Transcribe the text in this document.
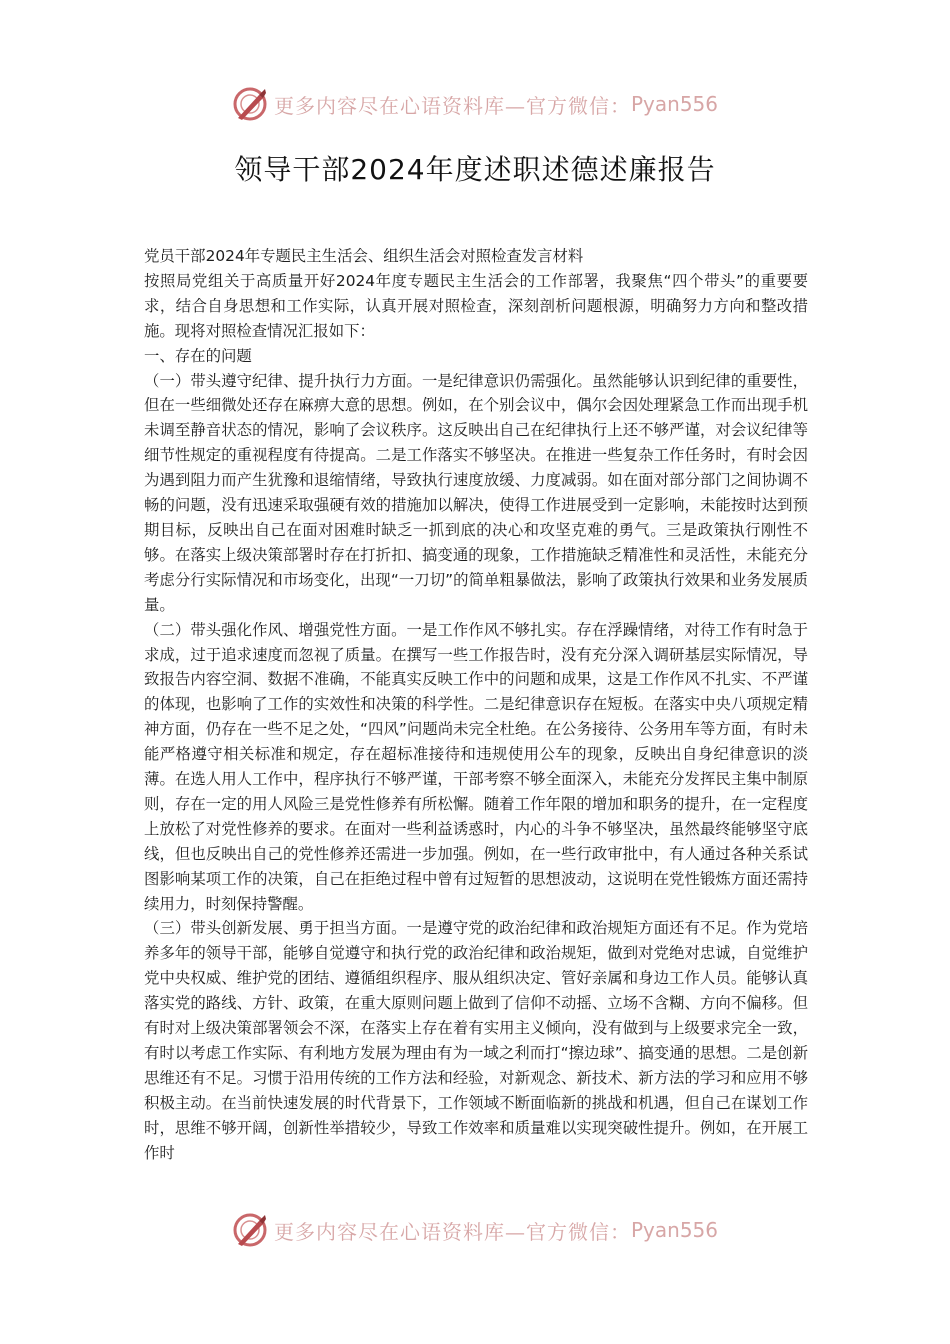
更多内容尽在心语资料库—官方微信： Pyan556
领导干部2024年度述职述德述廉报告

党员干部2024年专题民主生活会、组织生活会对照检查发言材料

按照局党组关于高质量开好2024年度专题民主生活会的工作部署，我聚焦“四个带头”的重要要求，结合自身思想和工作实际，认真开展对照检查，深刻剖析问题根源，明确努力方向和整改措施。现将对照检查情况汇报如下：

一、存在的问题

（一）带头遵守纪律、提升执行力方面。一是纪律意识仍需强化。虽然能够认识到纪律的重要性，但在一些细微处还存在麻痹大意的思想。例如，在个别会议中，偶尔会因处理紧急工作而出现手机未调至静音状态的情况，影响了会议秩序。这反映出自己在纪律执行上还不够严谨，对会议纪律等细节性规定的重视程度有待提高。二是工作落实不够坚决。在推进一些复杂工作任务时，有时会因为遇到阻力而产生犹豫和退缩情绪，导致执行速度放缓、力度减弱。如在面对部分部门之间协调不畅的问题，没有迅速采取强硬有效的措施加以解决，使得工作进展受到一定影响，未能按时达到预期目标，反映出自己在面对困难时缺乏一抓到底的决心和攻坚克难的勇气。三是政策执行刚性不够。在落实上级决策部署时存在打折扣、搞变通的现象，工作措施缺乏精准性和灵活性，未能充分考虑分行实际情况和市场变化，出现“一刀切”的简单粗暴做法，影响了政策执行效果和业务发展质量。

（二）带头强化作风、增强党性方面。一是工作作风不够扎实。存在浮躁情绪，对待工作有时急于求成，过于追求速度而忽视了质量。在撰写一些工作报告时，没有充分深入调研基层实际情况，导致报告内容空洞、数据不准确，不能真实反映工作中的问题和成果，这是工作作风不扎实、不严谨的体现，也影响了工作的实效性和决策的科学性。二是纪律意识存在短板。在落实中央八项规定精神方面，仍存在一些不足之处，“四风”问题尚未完全杜绝。在公务接待、公务用车等方面，有时未能严格遵守相关标准和规定，存在超标准接待和违规使用公车的现象，反映出自身纪律意识的淡薄。在选人用人工作中，程序执行不够严谨，干部考察不够全面深入，未能充分发挥民主集中制原则，存在一定的用人风险三是党性修养有所松懈。随着工作年限的增加和职务的提升，在一定程度上放松了对党性修养的要求。在面对一些利益诱惑时，内心的斗争不够坚决，虽然最终能够坚守底线，但也反映出自己的党性修养还需进一步加强。例如，在一些行政审批中，有人通过各种关系试图影响某项工作的决策，自己在拒绝过程中曾有过短暂的思想波动，这说明在党性锻炼方面还需持续用力，时刻保持警醒。

（三）带头创新发展、勇于担当方面。一是遵守党的政治纪律和政治规矩方面还有不足。作为党培养多年的领导干部，能够自觉遵守和执行党的政治纪律和政治规矩，做到对党绝对忠诚，自觉维护党中央权威、维护党的团结、遵循组织程序、服从组织决定、管好亲属和身边工作人员。能够认真落实党的路线、方针、政策，在重大原则问题上做到了信仰不动摇、立场不含糊、方向不偏移。但有时对上级决策部署领会不深，在落实上存在着有实用主义倾向，没有做到与上级要求完全一致，有时以考虑工作实际、有利地方发展为理由有为一域之利而打“擦边球”、搞变通的思想。二是创新思维还有不足。习惯于沿用传统的工作方法和经验，对新观念、新技术、新方法的学习和应用不够积极主动。在当前快速发展的时代背景下，工作领域不断面临新的挑战和机遇，但自己在谋划工作时，思维不够开阔，创新性举措较少，导致工作效率和质量难以实现突破性提升。例如，在开展工作时

更多内容尽在心语资料库—官方微信： Pyan556
